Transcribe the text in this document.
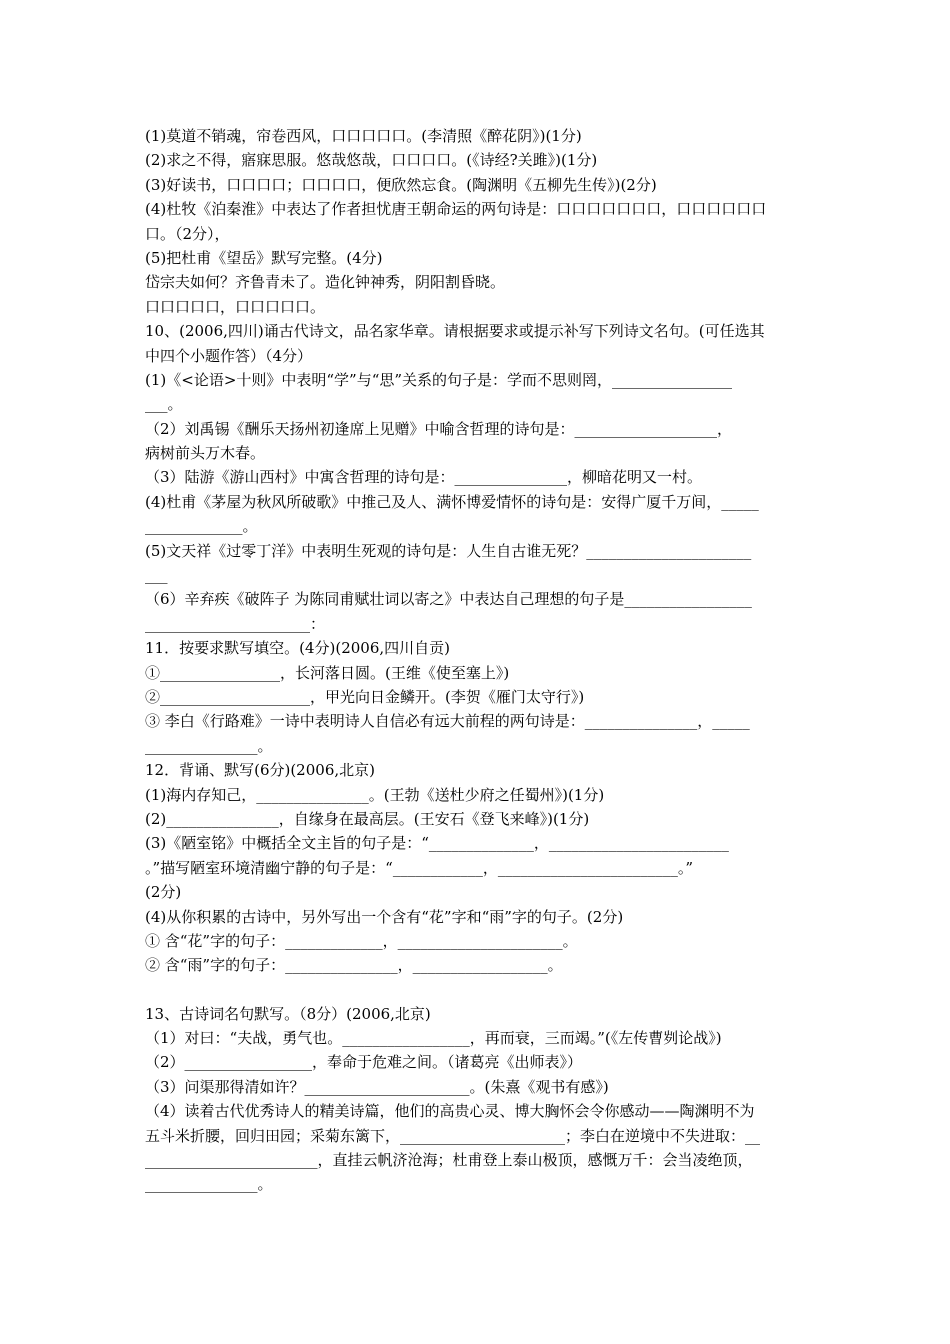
(1)莫道不销魂，帘卷西风，口口口口口。(李清照《醉花阴》)(1分)
(2)求之不得，寤寐思服。悠哉悠哉，口口口口。(《诗经?关雎》)(1分)
(3)好读书，口口口口；口口口口，便欣然忘食。(陶渊明《五柳先生传》)(2分)
(4)杜牧《泊秦淮》中表达了作者担忧唐王朝命运的两句诗是：口口口口口口口，口口口口口口
口。（2分），
(5)把杜甫《望岳》默写完整。(4分)
岱宗夫如何？齐鲁青未了。造化钟神秀，阴阳割昏晓。
口口口口口，口口口口口。
10、(2006,四川)诵古代诗文，品名家华章。请根据要求或提示补写下列诗文名句。(可任选其
中四个小题作答）（4分）
(1)《<论语>十则》中表明“学”与“思”关系的句子是：学而不思则罔，________________
___。
（2）刘禹锡《酬乐天扬州初逢席上见赠》中喻含哲理的诗句是：___________________，
病树前头万木春。
（3）陆游《游山西村》中寓含哲理的诗句是：_______________，柳暗花明又一村。
(4)杜甫《茅屋为秋风所破歌》中推己及人、满怀博爱情怀的诗句是：安得广厦千万间，_____
_____________。
(5)文天祥《过零丁洋》中表明生死观的诗句是：人生自古谁无死？______________________
___
（6）辛弃疾《破阵子 为陈同甫赋壮词以寄之》中表达自己理想的句子是_________________
______________________：
11．按要求默写填空。(4分)(2006,四川自贡)
①________________，长河落日圆。(王维《使至塞上》)
②____________________，甲光向日金鳞开。(李贺《雁门太守行》)
③ 李白《行路难》一诗中表明诗人自信必有远大前程的两句诗是：_______________，_____
_______________。
12．背诵、默写(6分)(2006,北京)
(1)海内存知己，_______________。(王勃《送杜少府之任蜀州》)(1分)
(2)_______________，自缘身在最高层。(王安石《登飞来峰》)(1分)
(3)《陋室铭》中概括全文主旨的句子是：“______________，________________________
。”描写陋室环境清幽宁静的句子是：“____________，________________________。”
(2分)
(4)从你积累的古诗中，另外写出一个含有“花”字和“雨”字的句子。(2分)
① 含“花”字的句子：_____________，______________________。
② 含“雨”字的句子：_______________，__________________。
13、古诗词名句默写。（8分）(2006,北京)
（1）对曰：“夫战，勇气也。_________________，再而衰，三而竭。”(《左传曹刿论战》)
（2）_________________，奉命于危难之间。（诸葛亮《出师表》）
（3）问渠那得清如许？______________________。(朱熹《观书有感》)
（4）读着古代优秀诗人的精美诗篇，他们的高贵心灵、博大胸怀会令你感动——陶渊明不为
五斗米折腰，回归田园；采菊东篱下，______________________；李白在逆境中不失进取：__
_______________________，直挂云帆济沧海；杜甫登上泰山极顶，感慨万千：会当凌绝顶，
_______________。
